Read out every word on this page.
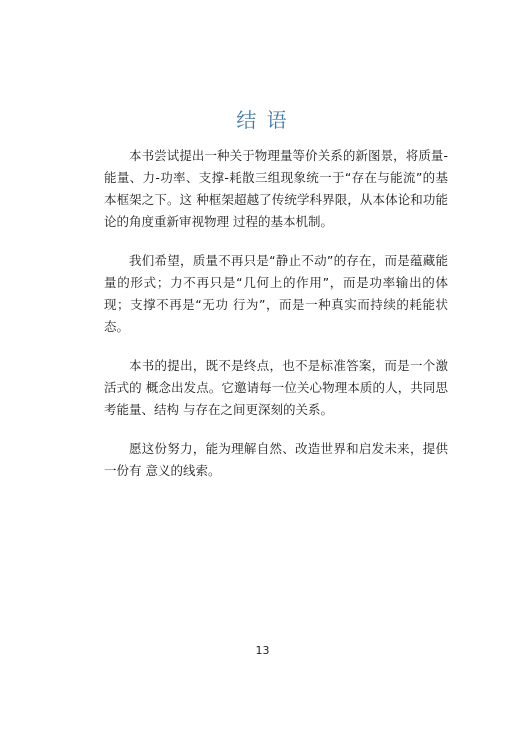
结 语

本书尝试提出一种关于物理量等价关系的新图景，将质量-能量、力-功率、支撑-耗散三组现象统一于“存在与能流”的基本框架之下。这 种框架超越了传统学科界限，从本体论和功能论的角度重新审视物理 过程的基本机制。

我们希望，质量不再只是“静止不动”的存在，而是蕴藏能量的形式；力不再只是“几何上的作用”，而是功率输出的体现；支撑不再是“无功 行为”，而是一种真实而持续的耗能状态。

本书的提出，既不是终点，也不是标准答案，而是一个激活式的 概念出发点。它邀请每一位关心物理本质的人，共同思考能量、结构 与存在之间更深刻的关系。

愿这份努力，能为理解自然、改造世界和启发未来，提供一份有 意义的线索。

13
